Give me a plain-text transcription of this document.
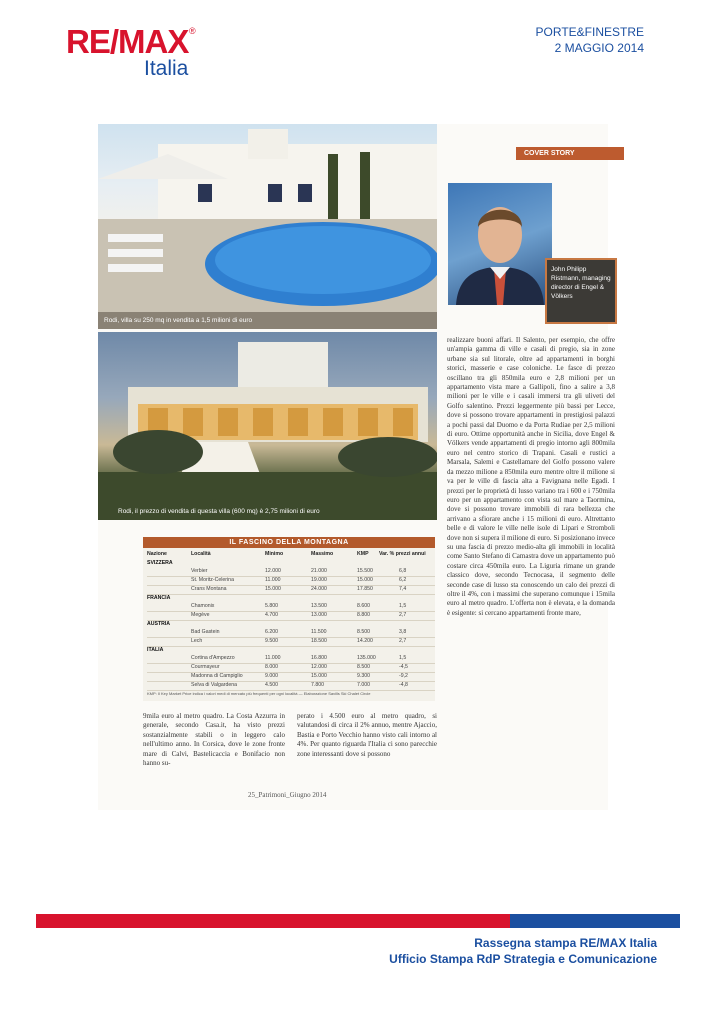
RE/MAX ®
Italia
PORTE&FINESTRE
2 MAGGIO 2014
Rodi, villa su 250 mq in vendita a 1,5 milioni di euro
Rodi, il prezzo di vendita di questa villa (600 mq) è 2,75 milioni di euro
COVER STORY
John Philipp Ristmann, managing director di Engel & Völkers
realizzare buoni affari. Il Salento, per esempio, che offre un'ampia gamma di ville e casali di pregio, sia in zone urbane sia sul litorale, oltre ad appartamenti in borghi storici, masserie e case coloniche. Le fasce di prezzo oscillano tra gli 850mila euro e 2,8 milioni per un appartamento vista mare a Gallipoli, fino a salire a 3,8 milioni per le ville e i casali immersi tra gli uliveti del Golfo salentino. Prezzi leggermente più bassi per Lecce, dove si possono trovare appartamenti in prestigiosi palazzi a pochi passi dal Duomo e da Porta Rudiae per 2,5 milioni di euro. Ottime opportunità anche in Sicilia, dove Engel & Völkers vende appartamenti di pregio intorno agli 800mila euro nel centro storico di Trapani. Casali e rustici a Marsala, Salemi e Castellamare del Golfo possono valere da mezzo milione a 850mila euro mentre oltre il milione si va per le ville di fascia alta a Favignana nelle Egadi. I prezzi per le proprietà di lusso variano tra i 600 e i 750mila euro per un appartamento con vista sul mare a Taormina, dove si possono trovare immobili di rara bellezza che arrivano a sfiorare anche i 15 milioni di euro. Altrettanto belle e di valore le ville nelle isole di Lipari e Stromboli dove non si supera il milione di euro. Si posizionano invece su una fascia di prezzo medio-alta gli immobili in località come Santo Stefano di Camastra dove un appartamento può costare circa 450mila euro. La Liguria rimane un grande classico dove, secondo Tecnocasa, il segmento delle seconde case di lusso sta conoscendo un calo dei prezzi di oltre il 4%, con i massimi che superano comunque i 15mila euro al metro quadro. L'offerta non è elevata, e la domanda è esigente: si cercano appartamenti fronte mare,
IL FASCINO DELLA MONTAGNA
Nazione	Località	Minimo	Massimo	KMP Var. % prezzi annui
SVIZZERA
Verbier	12.000	21.000	15.500	6,8
St. Moritz-Celerina	11.000	19.000	15.000	6,2
Crans Montana	15.000	24.000	17.850	7,4
FRANCIA
Chamonix	5.800	13.500	8.600	1,5
Megève	4.700	13.000	8.800	2,7
AUSTRIA
Bad Gastein	6.200	11.500	8.500	3,8
Lech	9.500	18.500	14.200	2,7
ITALIA
Cortina d'Ampezzo	11.000	16.800	135.000	1,5
Courmayeur	8.000	12.000	8.500	-4,5
Madonna di Campiglio	9.000	15.000	9.300	-9,2
Selva di Valgardena	4.500	7.800	7.000	-4,8
KMP: Il Key Market Price indica i valori medi di mercato più frequenti per ogni località — Elaborazione Savills Ski Chalet Circle
9mila euro al metro quadro. La Costa Azzurra in generale, secondo Casa.it, ha visto prezzi sostanzialmente stabili o in leggero calo nell'ultimo anno. In Corsica, dove le zone fronte mare di Calvi, Bastelicaccia e Bonifacio non hanno su-
perato i 4.500 euro al metro quadro, si valutandosi di circa il 2% annuo, mentre Ajaccio, Bastia e Porto Vecchio hanno visto cali intorno al 4%. Per quanto riguarda l'Italia ci sono parecchie zone interessanti dove si possono
25_Patrimoni_Giugno 2014
Rassegna stampa RE/MAX Italia
Ufficio Stampa RdP Strategia e Comunicazione
